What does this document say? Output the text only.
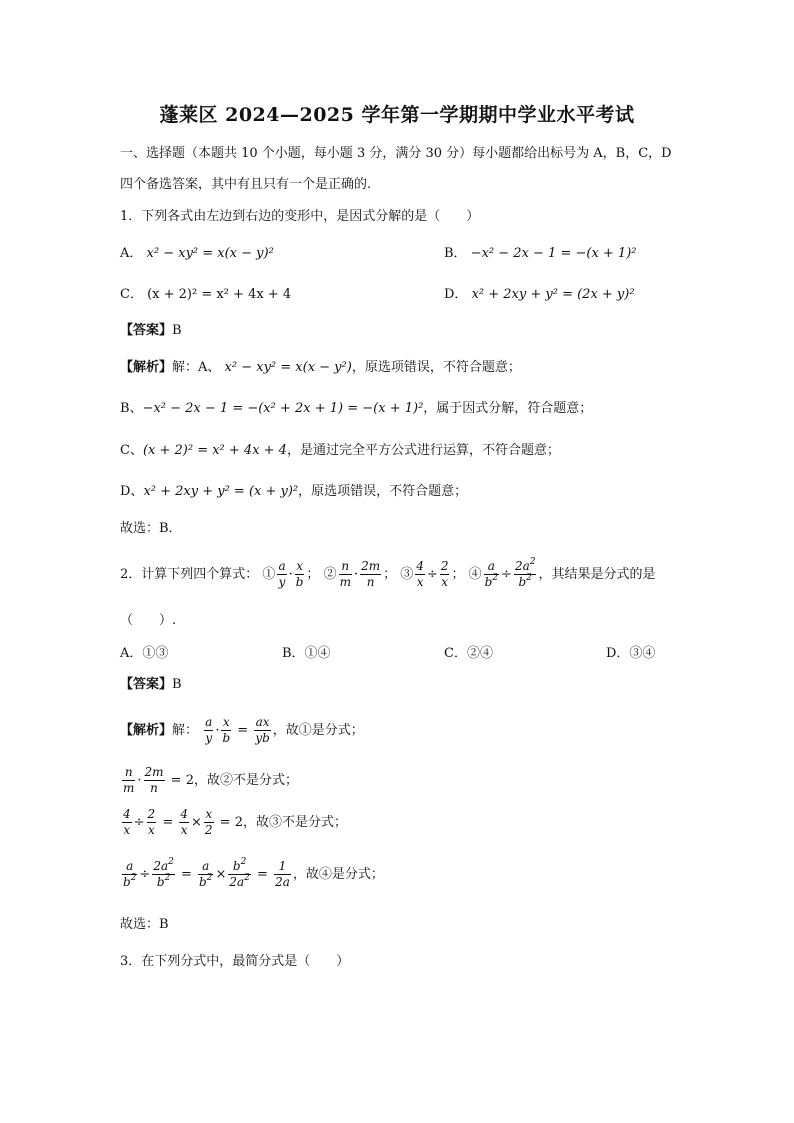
蓬莱区 2024—2025 学年第一学期期中学业水平考试
一、选择题（本题共 10 个小题，每小题 3 分，满分 30 分）每小题都给出标号为 A，B，C，D
四个备选答案，其中有且只有一个是正确的.
1．下列各式由左边到右边的变形中，是因式分解的是（　　）
A． x² − xy² = x(x − y)²	B． −x² − 2x − 1 = −(x + 1)²
C． (x + 2)² = x² + 4x + 4	D． x² + 2xy + y² = (2x + y)²
【答案】B
【解析】解：A、 x² − xy² = x(x − y²)，原选项错误，不符合题意；
B、−x² − 2x − 1 = −(x² + 2x + 1) = −(x + 1)²，属于因式分解，符合题意；
C、(x + 2)² = x² + 4x + 4，是通过完全平方公式进行运算，不符合题意；
D、x² + 2xy + y² = (x + y)²，原选项错误，不符合题意；
故选：B．
2．计算下列四个算式： ① $\frac{a}{y} \cdot \frac{x}{b}$ ； ② $\frac{n}{m} \cdot \frac{2m}{n}$ ； ③ $\frac{4}{x} \div \frac{2}{x}$ ； ④ $\frac{a}{b^2} \div \frac{2a^2}{b^2}$ ，其结果是分式的是
（　　）.
A．①③	B．①④	C．②④	D．③④
【答案】B
【解析】解： $\frac{a}{y} \cdot \frac{x}{b} = \frac{ax}{yb}$ ，故①是分式；
$\frac{n}{m} \cdot \frac{2m}{n} = 2$，故②不是分式；
$\frac{4}{x} \div \frac{2}{x} = \frac{4}{x} \times \frac{x}{2} = 2$，故③不是分式；
$\frac{a}{b^2} \div \frac{2a^2}{b^2} = \frac{a}{b^2} \times \frac{b^2}{2a^2} = \frac{1}{2a}$ ，故④是分式；
故选：B
3．在下列分式中，最简分式是（　　）
